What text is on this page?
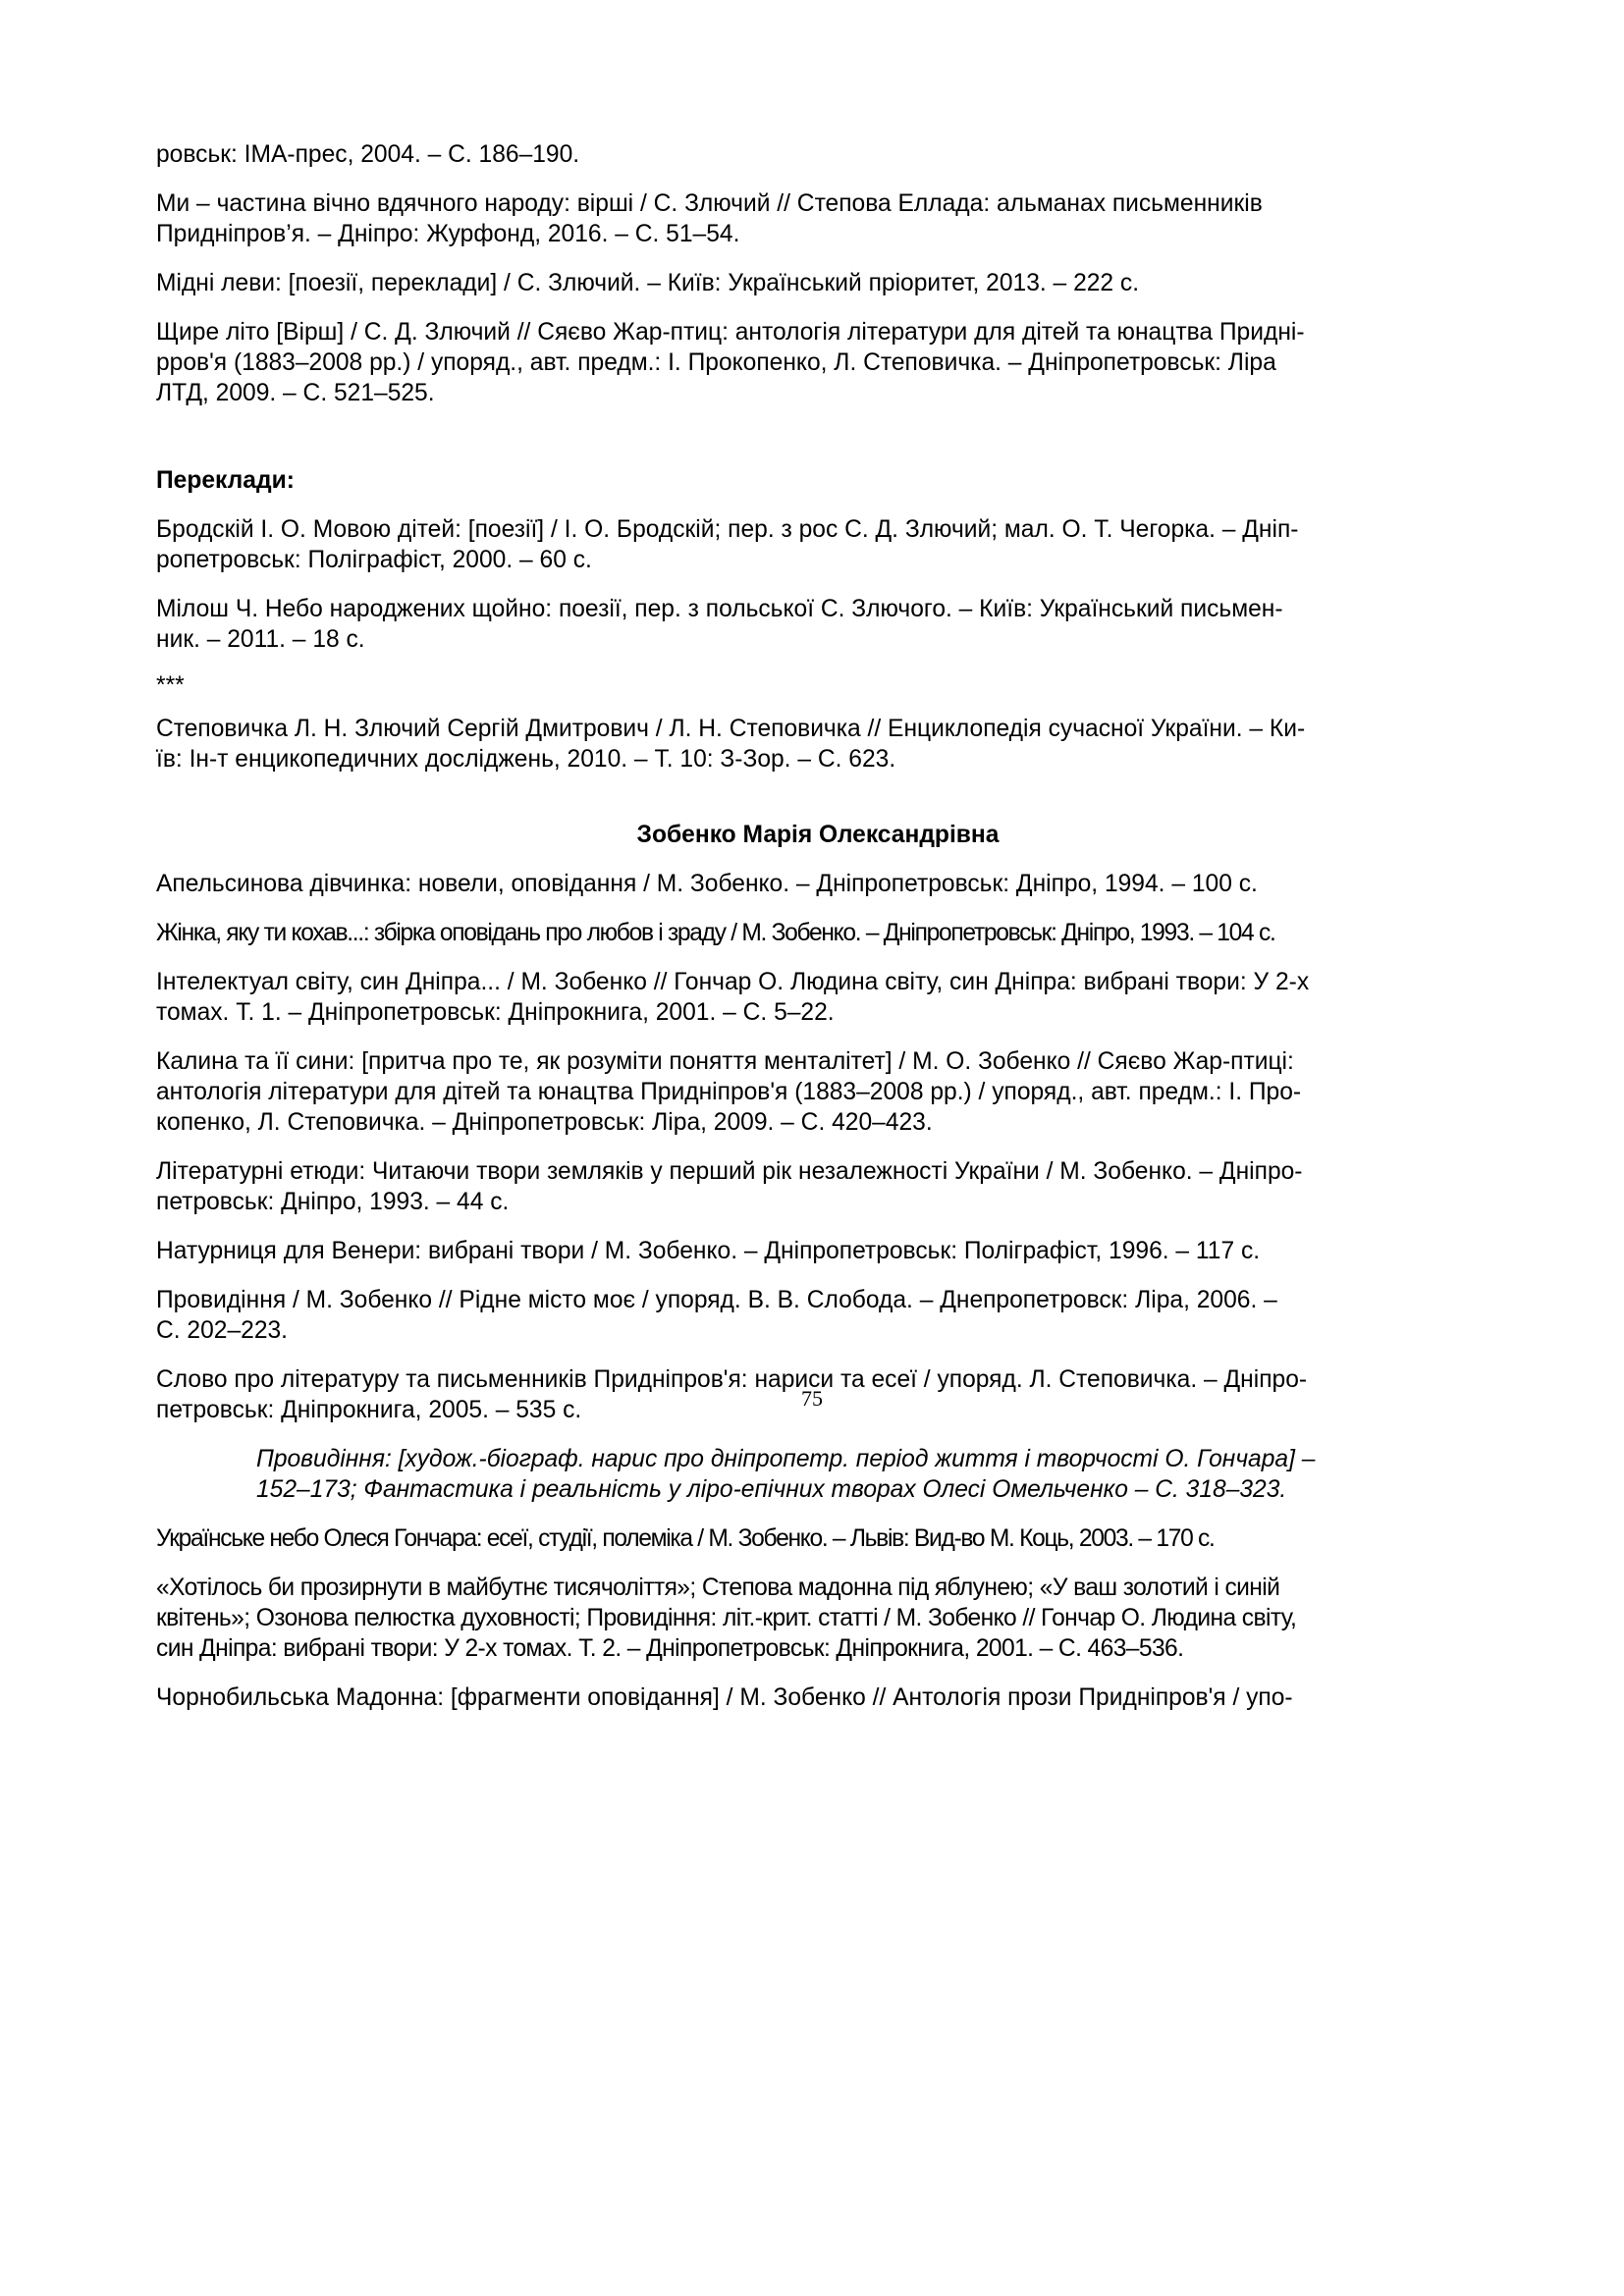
ровськ: ІМА-прес, 2004. – С. 186–190.
Ми – частина вічно вдячного народу: вірші / С. Злючий // Степова Еллада: альманах письменників
Придніпров’я. – Дніпро: Журфонд, 2016. – С. 51–54.
Мідні леви: [поезії, переклади] / С. Злючий. – Київ: Український пріоритет, 2013. – 222 с.
Щире літо [Вірш] / С. Д. Злючий // Сяєво Жар-птиц: антологія літератури для дітей та юнацтва Придні-
pров'я (1883–2008 рр.) / упоряд., авт. предм.: І. Прокопенко, Л. Степовичка. – Дніпропетровськ: Ліра
ЛТД, 2009. – С. 521–525.
Переклади:
Бродскій І. О. Мовою дітей: [поезії] / І. О. Бродскій; пер. з рос С. Д. Злючий; мал. О. Т. Чегорка. – Дніп-
ропетровськ: Поліграфіст, 2000. – 60 с.
Мілош Ч. Небо народжених щойно: поезії, пер. з польської С. Злючого. – Київ: Український письмен-
ник. – 2011. – 18 с.
***
Степовичка Л. Н. Злючий Сергій Дмитрович / Л. Н. Степовичка // Енциклопедія сучасної України. – Ки-
їв: Ін-т енцикопедичних досліджень, 2010. – Т. 10: З-Зор. – С. 623.
Зобенко Марія Олександрівна
Апельсинова дівчинка: новели, оповідання / М. Зобенко. – Дніпропетровськ: Дніпро, 1994. – 100 с.
Жінка, яку ти кохав...: збірка оповідань про любов і зраду / М. Зобенко. – Дніпропетровськ: Дніпро, 1993. – 104 с.
Інтелектуал світу, син Дніпра... / М. Зобенко // Гончар О. Людина світу, син Дніпра: вибрані твори: У 2-х
томах. Т. 1. – Дніпропетровськ: Дніпрокнига, 2001. – С. 5–22.
Калина та її сини: [притча про те, як розуміти поняття менталітет] / М. О. Зобенко // Сяєво Жар-птиці:
антологія літератури для дітей та юнацтва Придніпров'я (1883–2008 рр.) / упоряд., авт. предм.: І. Про-
копенко, Л. Степовичка. – Дніпропетровськ: Ліра, 2009. – С. 420–423.
Літературні етюди: Читаючи твори земляків у перший рік незалежності України / М. Зобенко. – Дніпро-
петровськ: Дніпро, 1993. – 44 с.
Натурниця для Венери: вибрані твори / М. Зобенко. – Дніпропетровськ: Поліграфіст, 1996. – 117 с.
Провидіння / М. Зобенко // Рідне місто моє / упоряд. В. В. Слобода. – Днепропетровск: Ліра, 2006. –
С. 202–223.
Слово про літературу та письменників Придніпров'я: нариси та есеї / упоряд. Л. Степовичка. – Дніпро-
петровськ: Дніпрокнига, 2005. – 535 с.
Провидіння: [худож.-біограф. нарис про дніпропетр. період життя і творчості О. Гончара] –
152–173; Фантастика і реальність у ліро-епічних творах Олесі Омельченко – С. 318–323.
Українське небо Олеся Гончара: есеї, студії, полеміка / М. Зобенко. – Львів: Вид-во М. Коць, 2003. – 170 с.
«Хотілось би прозирнути в майбутнє тисячоліття»; Степова мадонна під яблунею; «У ваш золотий і синій
квітень»; Озонова пелюстка духовності; Провидіння: літ.-крит. статті / М. Зобенко // Гончар О. Людина світу,
син Дніпра: вибрані твори: У 2-х томах. Т. 2. – Дніпропетровськ: Дніпрокнига, 2001. – С. 463–536.
Чорнобильська Мадонна: [фрагменти оповідання] / М. Зобенко // Антологія прози Придніпров'я / упо-
75
